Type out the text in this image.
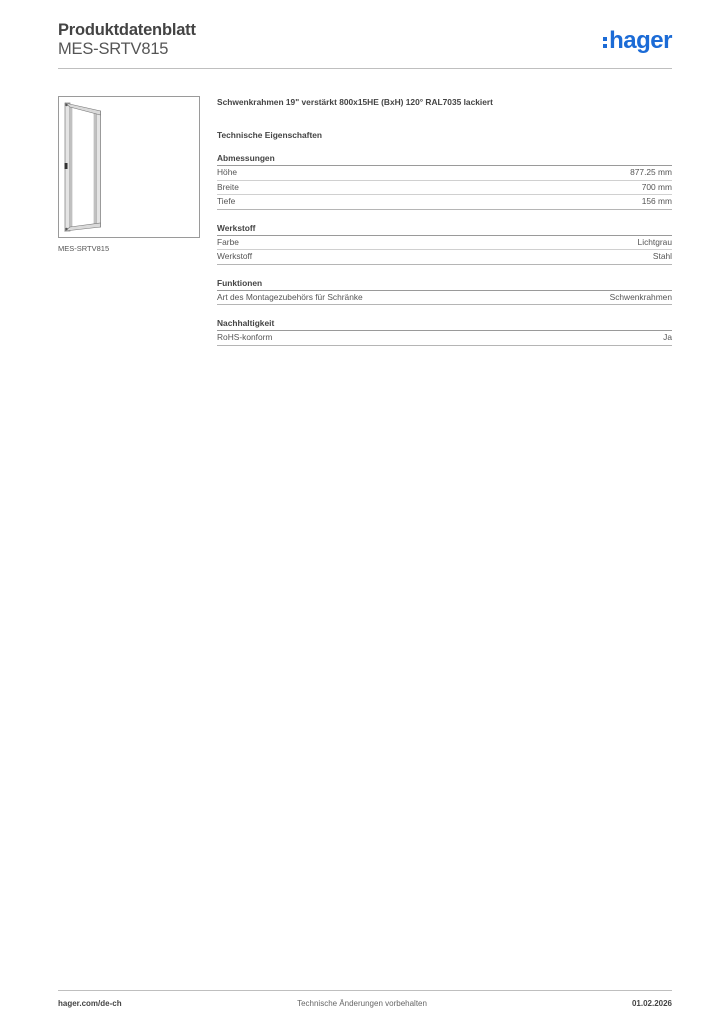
Produktdatenblatt
MES-SRTV815	hager
MES-SRTV815
Schwenkrahmen 19" verstärkt 800x15HE (BxH) 120° RAL7035 lackiert
Technische Eigenschaften
Abmessungen
Höhe	877.25 mm
Breite	700 mm
Tiefe	156 mm
Werkstoff
Farbe	Lichtgrau
Werkstoff	Stahl
Funktionen
Art des Montagezubehörs für Schränke	Schwenkrahmen
Nachhaltigkeit
RoHS-konform	Ja
hager.com/de-ch	Technische Änderungen vorbehalten	01.02.2026
